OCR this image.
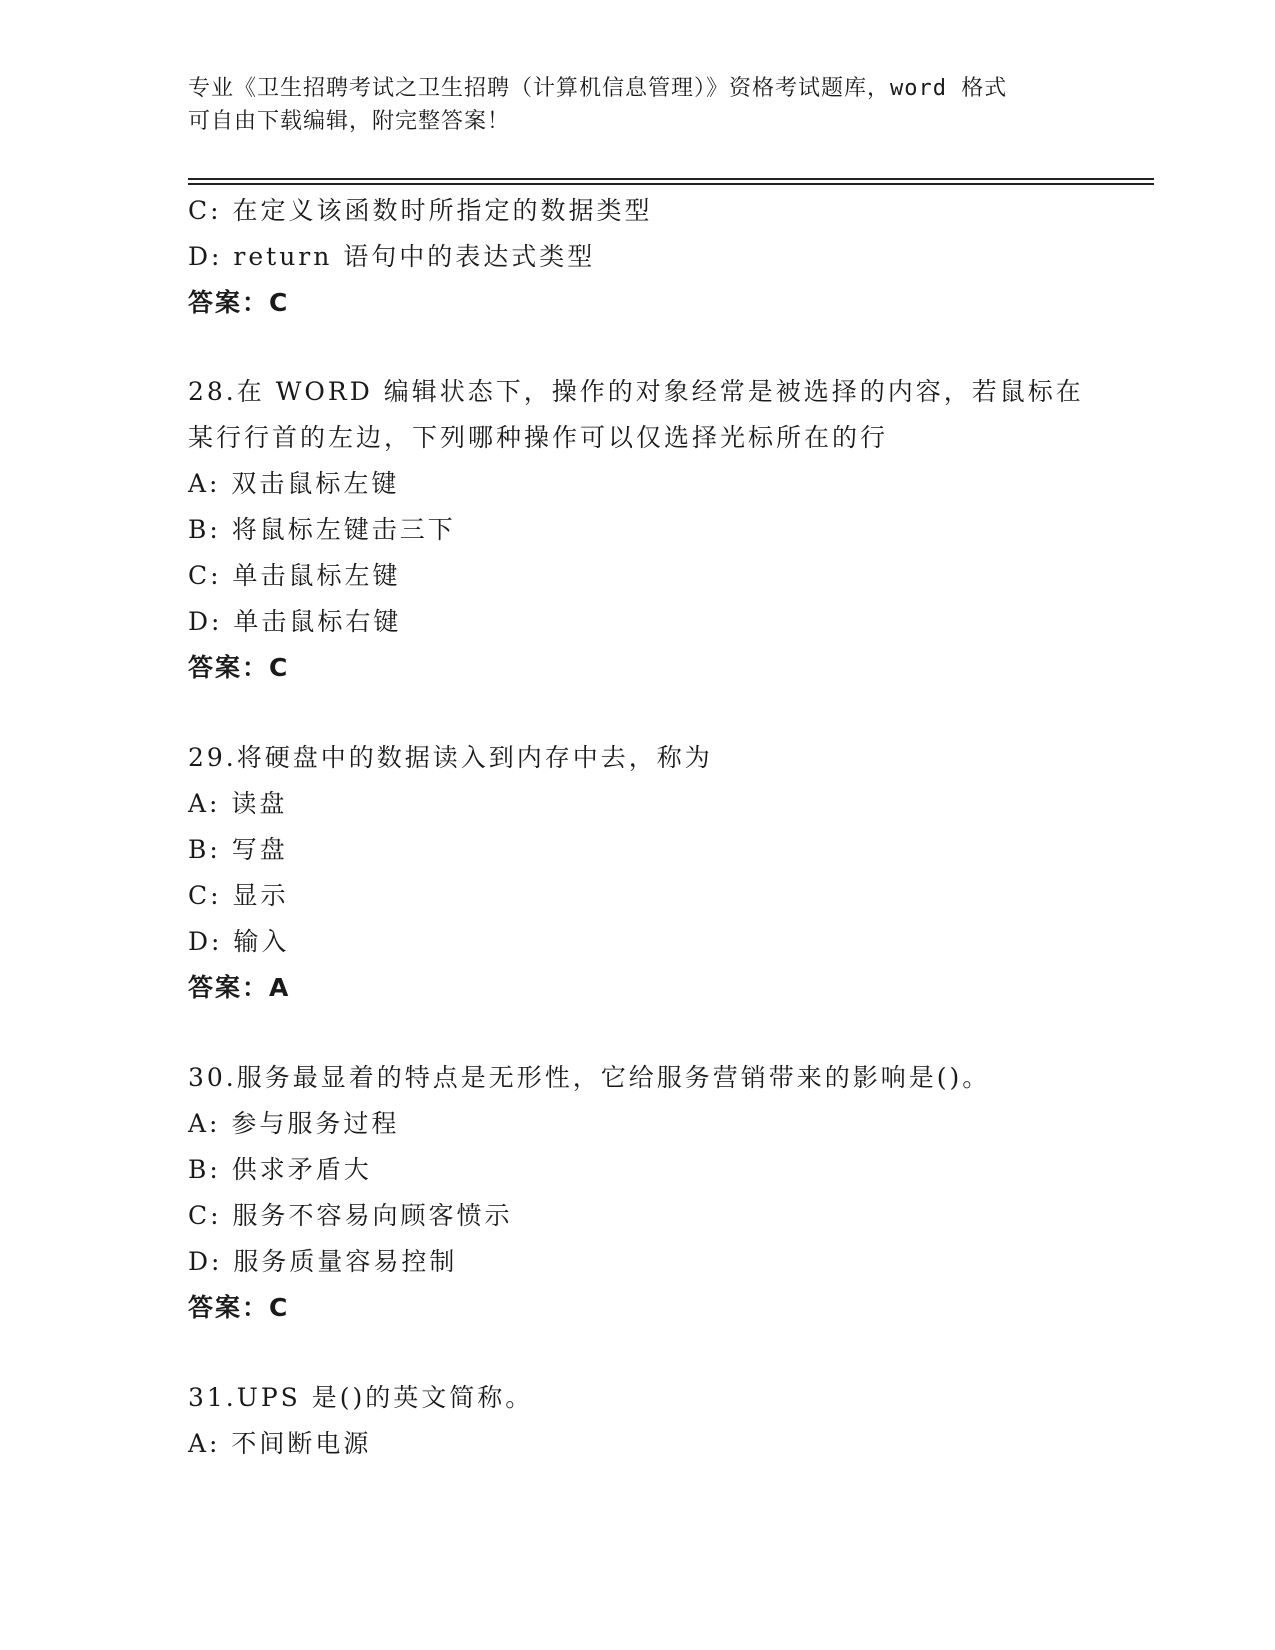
专业《卫生招聘考试之卫生招聘（计算机信息管理）》资格考试题库，word 格式
可自由下载编辑，附完整答案！
C: 在定义该函数时所指定的数据类型
D: return 语句中的表达式类型
答案：C
28.在 WORD 编辑状态下，操作的对象经常是被选择的内容，若鼠标在
某行行首的左边，下列哪种操作可以仅选择光标所在的行
A: 双击鼠标左键
B: 将鼠标左键击三下
C: 单击鼠标左键
D: 单击鼠标右键
答案：C
29.将硬盘中的数据读入到内存中去，称为
A: 读盘
B: 写盘
C: 显示
D: 输入
答案：A
30.服务最显着的特点是无形性，它给服务营销带来的影响是()。
A: 参与服务过程
B: 供求矛盾大
C: 服务不容易向顾客愤示
D: 服务质量容易控制
答案：C
31.UPS 是()的英文简称。
A: 不间断电源
